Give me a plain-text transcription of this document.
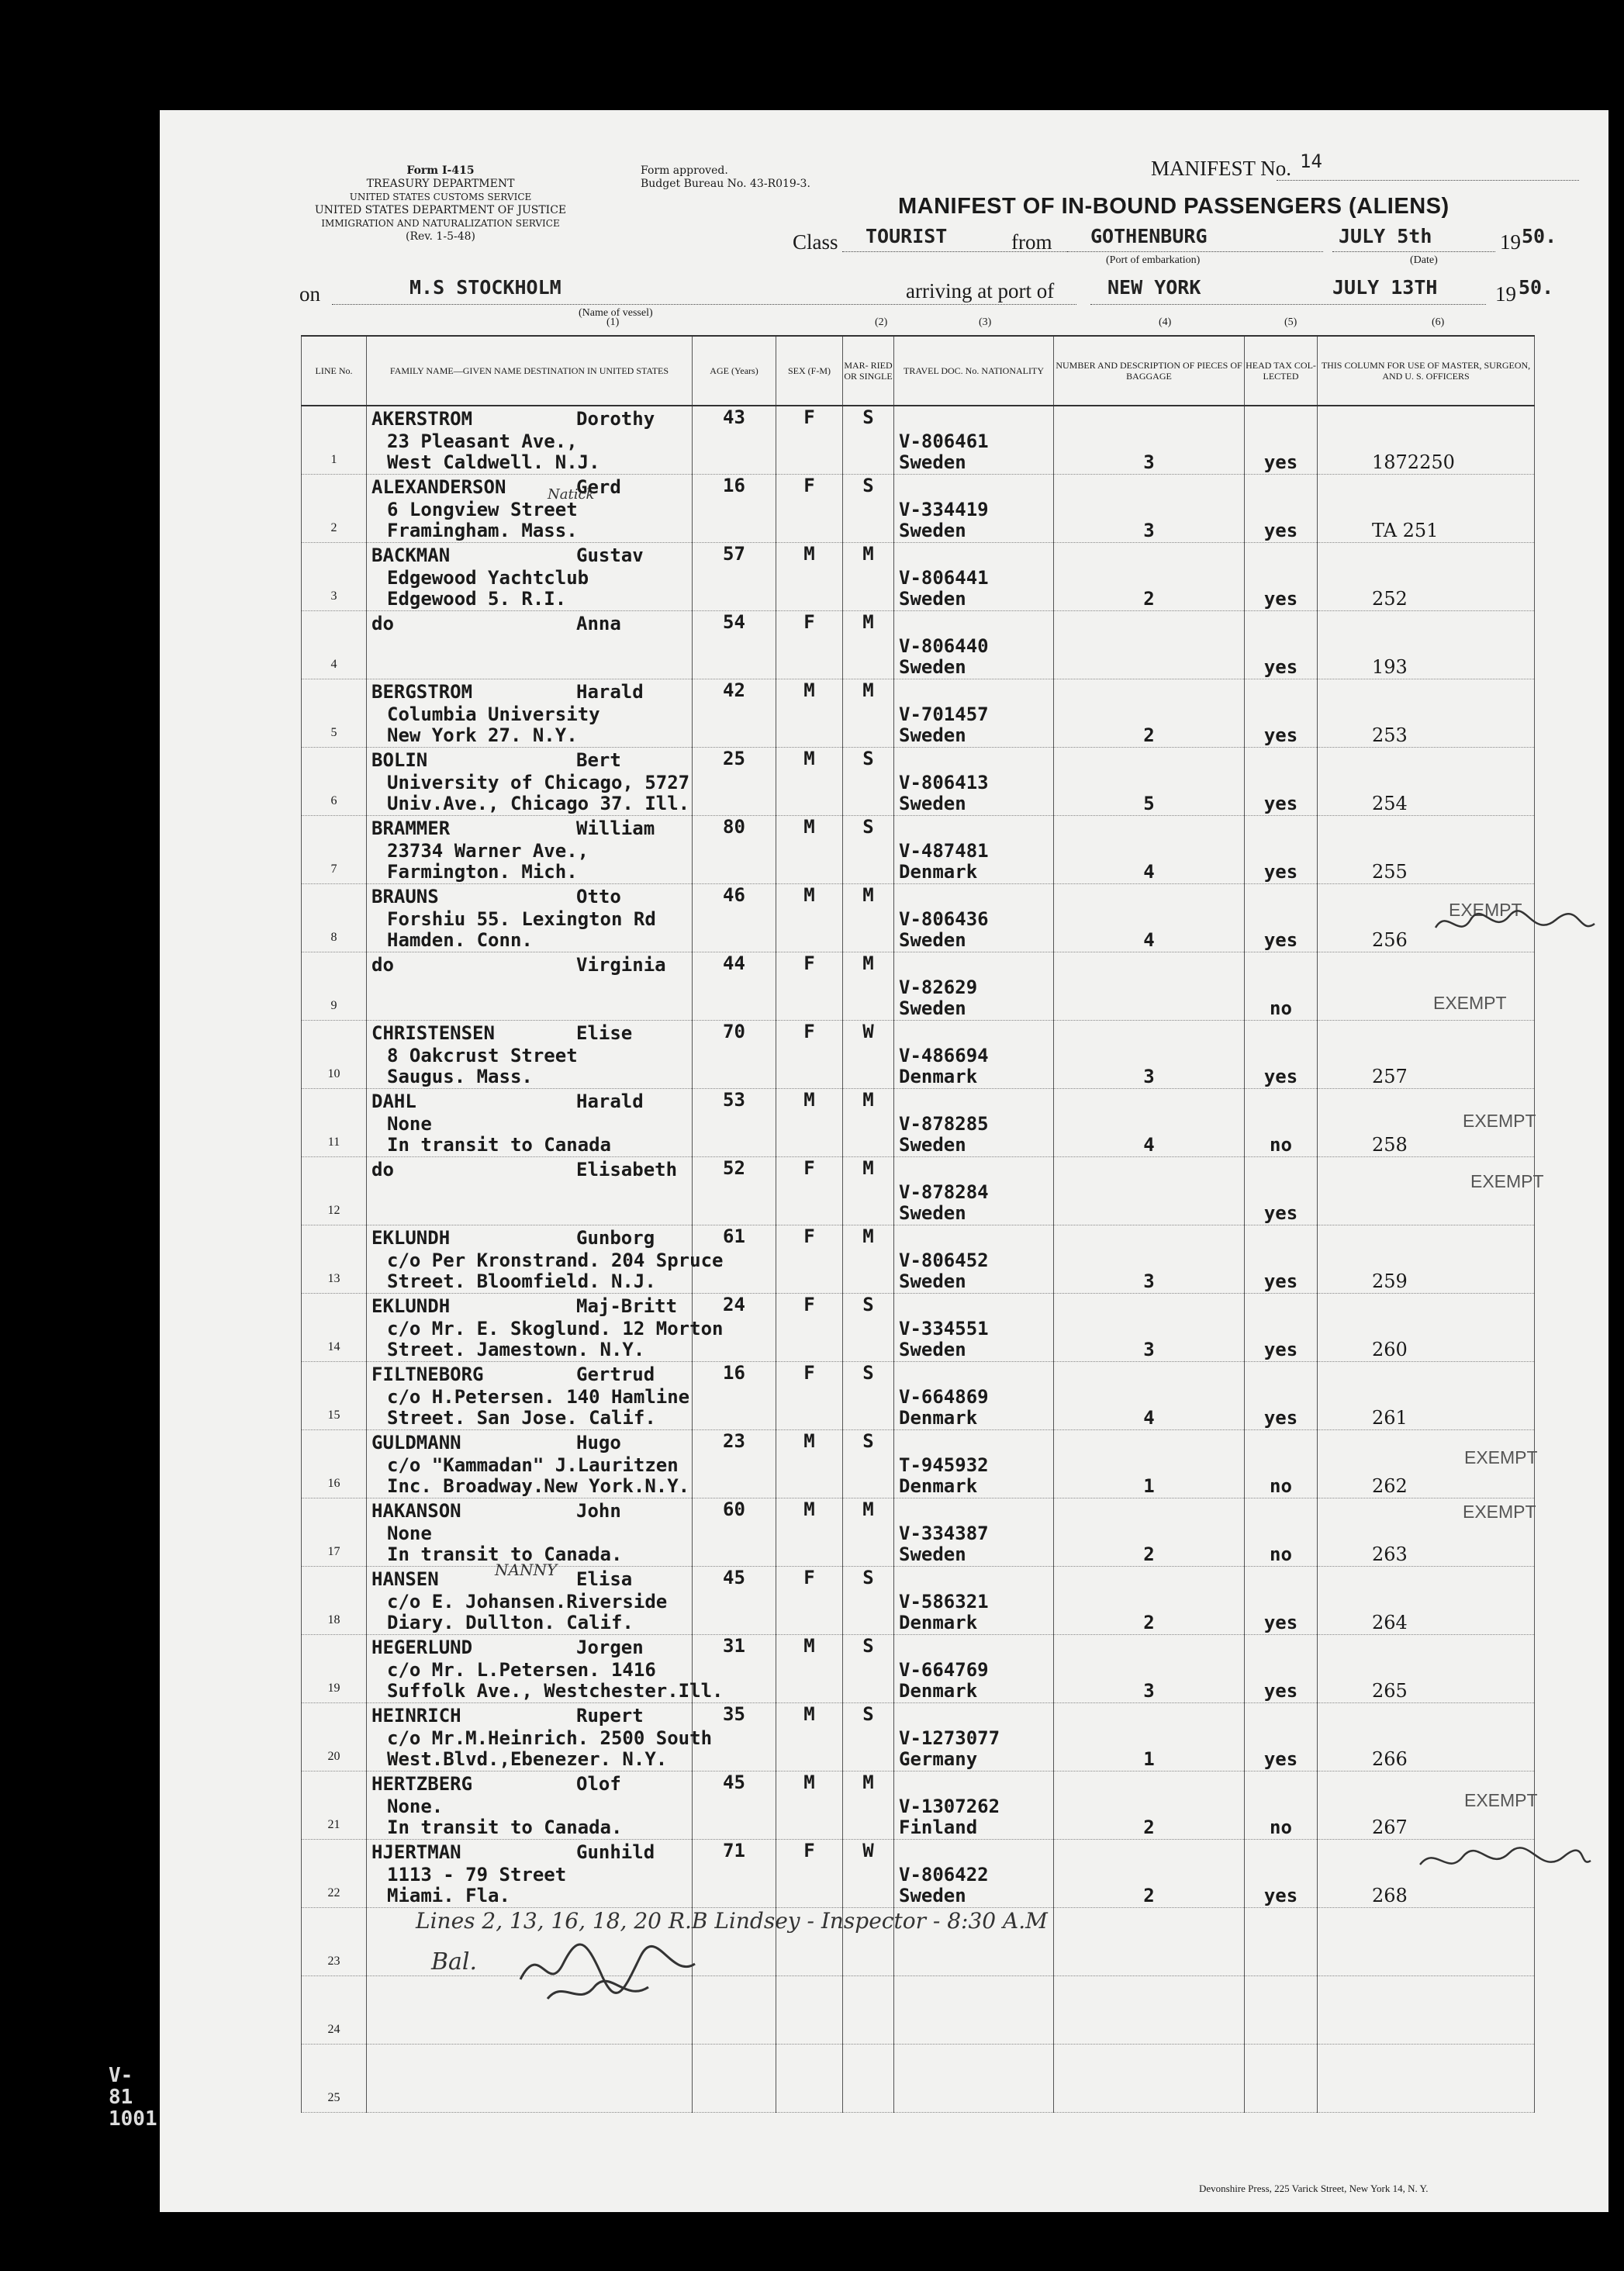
Form I-415
TREASURY DEPARTMENT
UNITED STATES CUSTOMS SERVICE
UNITED STATES DEPARTMENT OF JUSTICE
IMMIGRATION AND NATURALIZATION SERVICE
(Rev. 1-5-48)
Form approved.
Budget Bureau No. 43-R019-3.
MANIFEST No. 14
MANIFEST OF IN-BOUND PASSENGERS (ALIENS)
Class TOURIST	from GOTHENBURG
(Port of embarkation)
JULY 5th
(Date)
19 50.
on	M.S STOCKHOLM
(Name of vessel)
arriving at port of	NEW YORK	JULY 13TH	19 50.
(1)	(2)	(3)	(4)	(5)	(6)
LINE No.	FAMILY NAME—GIVEN NAME DESTINATION IN UNITED STATES	AGE (Years)	SEX (F-M)	MAR- RIED OR SINGLE	TRAVEL DOC. No. NATIONALITY	NUMBER AND DESCRIPTION OF PIECES OF BAGGAGE	HEAD TAX COL- LECTED	THIS COLUMN FOR USE OF MASTER, SURGEON, AND U. S. OFFICERS

1	AKERSTROM Dorothy
23 Pleasant Ave.,
West Caldwell. N.J.	43	F	S	V-806461
Sweden	3	yes	1872250

2	ALEXANDERSON Gerd
6 Longview Street
Framingham. Mass.	16	F	S	V-334419
Sweden	3	yes	TA 251

3	BACKMAN Gustav
Edgewood Yachtclub
Edgewood 5. R.I.	57	M	M	V-806441
Sweden	2	yes	252

4	do Anna	54	F	M	V-806440
Sweden		yes	193

5	BERGSTROM Harald
Columbia University
New York 27. N.Y.	42	M	M	V-701457
Sweden	2	yes	253

6	BOLIN Bert
University of Chicago, 5727
Univ.Ave., Chicago 37. Ill.	25	M	S	V-806413
Sweden	5	yes	254

7	BRAMMER William
23734 Warner Ave.,
Farmington. Mich.	80	M	S	V-487481
Denmark	4	yes	255

8	BRAUNS Otto
Forshiu 55. Lexington Rd
Hamden. Conn.	46	M	M	V-806436
Sweden	4	yes	256

9	do Virginia	44	F	M	V-82629
Sweden		no	

10	CHRISTENSEN Elise
8 Oakcrust Street
Saugus. Mass.	70	F	W	V-486694
Denmark	3	yes	257

11	DAHL Harald
None
In transit to Canada	53	M	M	V-878285
Sweden	4	no	258

12	do Elisabeth	52	F	M	V-878284
Sweden		yes	

13	EKLUNDH Gunborg
c/o Per Kronstrand. 204 Spruce
Street. Bloomfield. N.J.	61	F	M	V-806452
Sweden	3	yes	259

14	EKLUNDH Maj-Britt
c/o Mr. E. Skoglund. 12 Morton
Street. Jamestown. N.Y.	24	F	S	V-334551
Sweden	3	yes	260

15	FILTNEBORG Gertrud
c/o H.Petersen. 140 Hamline
Street. San Jose. Calif.	16	F	S	V-664869
Denmark	4	yes	261

16	GULDMANN Hugo
c/o "Kammadan" J.Lauritzen
Inc. Broadway.New York.N.Y.	23	M	S	T-945932
Denmark	1	no	262

17	HAKANSON John
None
In transit to Canada.	60	M	M	V-334387
Sweden	2	no	263

18	HANSEN Elisa
c/o E. Johansen.Riverside
Diary. Dullton. Calif.	45	F	S	V-586321
Denmark	2	yes	264

19	HEGERLUND Jorgen
c/o Mr. L.Petersen. 1416
Suffolk Ave., Westchester.Ill.	31	M	S	V-664769
Denmark	3	yes	265

20	HEINRICH Rupert
c/o Mr.M.Heinrich. 2500 South
West.Blvd.,Ebenezer. N.Y.	35	M	S	V-1273077
Germany	1	yes	266

21	HERTZBERG Olof
None.
In transit to Canada.	45	M	M	V-1307262
Finland	2	no	267

22	HJERTMAN Gunhild
1113 - 79 Street
Miami. Fla.	71	F	W	V-806422
Sweden	2	yes	268

23								

24								

25								

EXEMPT
EXEMPT
EXEMPT
EXEMPT
EXEMPT
EXEMPT
EXEMPT
NANNY
Natick
Lines 2, 13, 16, 18, 20 R.B Lindsey - Inspector - 8:30 A.M
Bal.
V-81 1001
Devonshire Press, 225 Varick Street, New York 14, N. Y.
